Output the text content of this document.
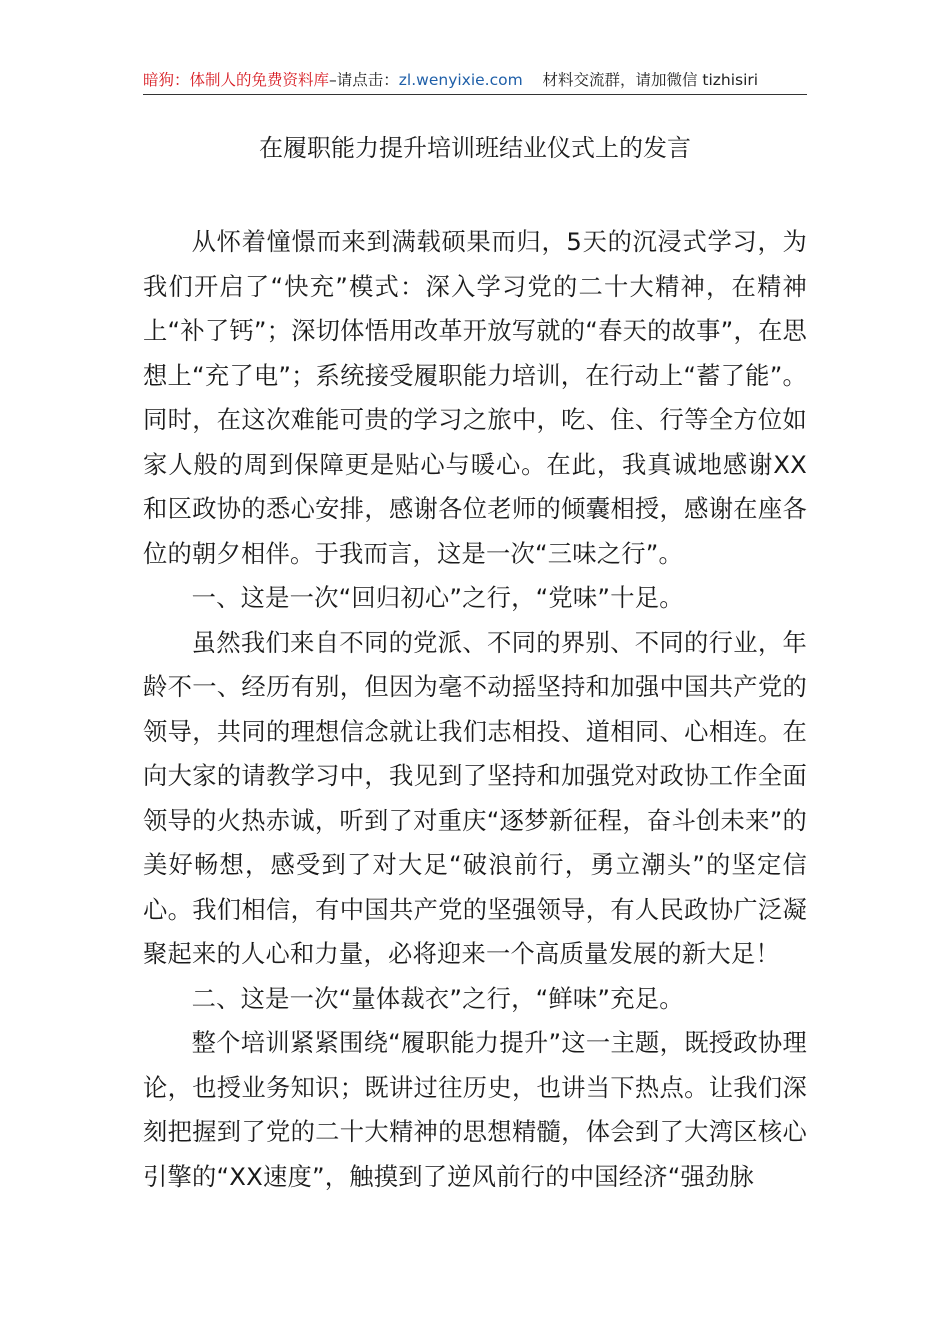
暗狗：体制人的免费资料库–请点击：zl.wenyixie.com 材料交流群，请加微信 tizhisiri
在履职能力提升培训班结业仪式上的发言

从怀着憧憬而来到满载硕果而归，5天的沉浸式学习，为我们开启了“快充”模式：深入学习党的二十大精神，在精神上“补了钙”；深切体悟用改革开放写就的“春天的故事”，在思想上“充了电”；系统接受履职能力培训，在行动上“蓄了能”。同时，在这次难能可贵的学习之旅中，吃、住、行等全方位如家人般的周到保障更是贴心与暖心。在此，我真诚地感谢XX和区政协的悉心安排，感谢各位老师的倾囊相授，感谢在座各位的朝夕相伴。于我而言，这是一次“三味之行”。

一、这是一次“回归初心”之行，“党味”十足。

虽然我们来自不同的党派、不同的界别、不同的行业，年龄不一、经历有别，但因为毫不动摇坚持和加强中国共产党的领导，共同的理想信念就让我们志相投、道相同、心相连。在向大家的请教学习中，我见到了坚持和加强党对政协工作全面领导的火热赤诚，听到了对重庆“逐梦新征程，奋斗创未来”的美好畅想，感受到了对大足“破浪前行，勇立潮头”的坚定信心。我们相信，有中国共产党的坚强领导，有人民政协广泛凝聚起来的人心和力量，必将迎来一个高质量发展的新大足！

二、这是一次“量体裁衣”之行，“鲜味”充足。

整个培训紧紧围绕“履职能力提升”这一主题，既授政协理论，也授业务知识；既讲过往历史，也讲当下热点。让我们深刻把握到了党的二十大精神的思想精髓，体会到了大湾区核心引擎的“XX速度”，触摸到了逆风前行的中国经济“强劲脉
